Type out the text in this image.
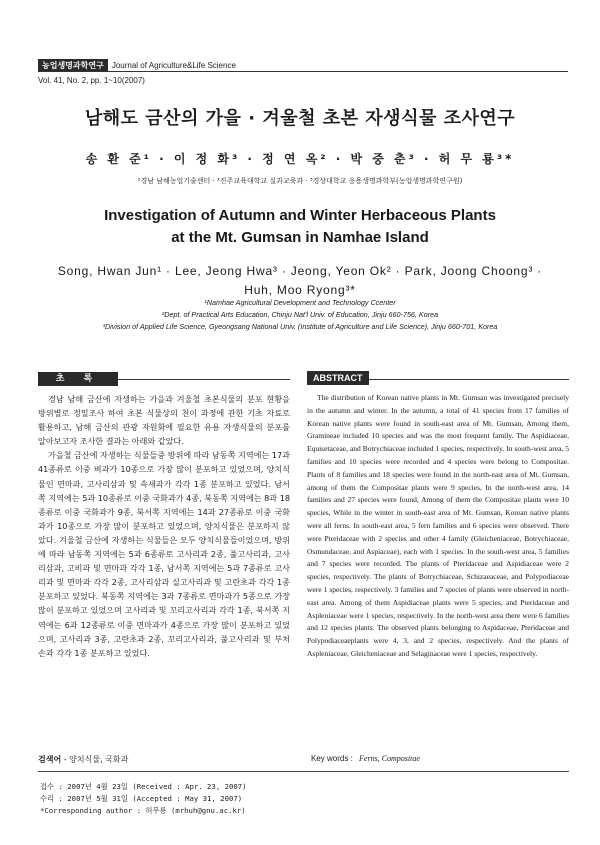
농업생명과학연구	Journal of Agriculture&Life Science
Vol. 41, No. 2, pp. 1~10(2007)
남해도 금산의 가을 · 겨울철 초본 자생식물 조사연구
송 환 준¹ · 이 정 화³ · 정 연 옥² · 박 중 춘³ · 허 무 룡³*
¹경남 남해농업기술센터 · ²진주교육대학교 실과교육과 · ³경상대학교 응용생명과학부(농업생명과학연구원)
Investigation of Autumn and Winter Herbaceous Plants
at the Mt. Gumsan in Namhae Island
Song, Hwan Jun¹ · Lee, Jeong Hwa³ · Jeong, Yeon Ok² · Park, Joong Choong³ ·
Huh, Moo Ryong³*
¹Namhae Agricultural Development and Technology Ccenter
²Dept. of Practical Arts Education, Chinju Nat'l Univ. of Education, Jinju 660-756, Korea
³Division of Applied Life Science, Gyeongsang National Univ. (Institute of Agriculture and Life Science), Jinju 660-701, Korea
초 록

경남 남해 금산에 자생하는 가을과 겨울철 초본식물의 분포 현황을 방위별로 정밀조사 하여 초본 식물상의 천이 과정에 관한 기초 자료로 활용하고, 남해 금산의 관광 자원화에 필요한 유용 자생식물의 분포를 알아보고자 조사한 결과는 아래와 같았다.

가을철 금산에 자생하는 식물들중 방위에 따라 남동쪽 지역에는 17과 41종류로 이중 벼과가 10종으로 가장 많이 분포하고 있었으며, 양치식물인 면마과, 고사리삼과 및 속새과가 각각 1종 분포하고 있었다. 남서쪽 지역에는 5과 10종류로 이중 국화과가 4종, 북동쪽 지역에는 8과 18종류로 이중 국화과가 9종, 북서쪽 지역에는 14과 27종류로 이중 국화과가 10종으로 가장 많이 분포하고 있었으며, 양치식물은 분포하지 않았다. 겨울철 금산에 자생하는 식물들은 모두 양치식물들이었으며, 방위에 따라 남동쪽 지역에는 5과 6종류로 고사리과 2종, 풀고사리과, 고사리삼과, 고비과 및 면마과 각각 1종, 남서쪽 지역에는 5과 7종류로 고사리과 및 면마과 각각 2종, 고사리삼과 실고사리과 및 고란초과 각각 1종 분포하고 있었다. 북동쪽 지역에는 3과 7종류로 면마과가 5종으로 가장 많이 분포하고 있었으며 고사리과 및 꼬리고사리과 각각 1종, 북서쪽 지역에는 6과 12종류로 이중 면마과가 4종으로 가장 많이 분포하고 있었으며, 고사리과 3종, 고란초과 2종, 꼬리고사리과, 풀고사리과 및 부처손과 각각 1종 분포하고 있었다.

ABSTRACT
The distribution of Korean native plants in Mt. Gumsan was investigated precisely in the autumn and winter. In the autumn, a total of 41 species from 17 families of Korean native plants were found in south-east area of Mt. Gumsan, Among them, Gramineae included 10 species and was the most frequent family. The Aspidiaceae, Equisetaceae, and Botrychiaceae included 1 species, respectively. In south-west area, 5 families and 10 species were recorded and 4 species were belong to Compositae. Plants of 8 families and 18 species were found in the north-east area of Mt. Gumsan, among of them the Compositae plants were 9 species, In the north-west area, 14 families and 27 species were found, Among of them the Compositae plants were 10 species, While in the winter in south-east area of Mt. Gumsan, Korean native plants were all ferns. In south-east area, 5 fern families and 6 species were observed. There were Pteridaceae with 2 species and other 4 family (Gleicheniaceae, Botrychiaceae, Osmundaceae, and Aspiaceae), each with 1 species. In the south-west area, 5 families and 7 species were recorded. The plants of Pteridaceae and Aspidiaceae were 2 species, respectively. The plants of Botrychiaceae, Schizaeaceae, and Polypodiaceae were 1 species, respectively. 3 families and 7 species of plants were observed in north-east area. Among of them Aspidiaceae plants were 5 species, and Pteridaceae and Aspleniaceae were 1 species, respectively. In the north-west area there were 6 families and 12 species plants. The observed plants belonging to Aspidaceae, Pteridaceae and Polypodiaceaeplants were 4, 3, and 2 species, respectively. And the plants of Aspleniaceae, Gleicheniaceae and Selaginaceae were 1 species, respectively.
검색어 - 양치식물, 국화과	Key words : Ferns, Compositae
접수 : 2007년 4월 23일 (Received : Apr. 23, 2007)
수리 : 2007년 5월 31일 (Accepted : May 31, 2007)
*Corresponding author : 허무룡 (mrhuh@gnu.ac.kr)
